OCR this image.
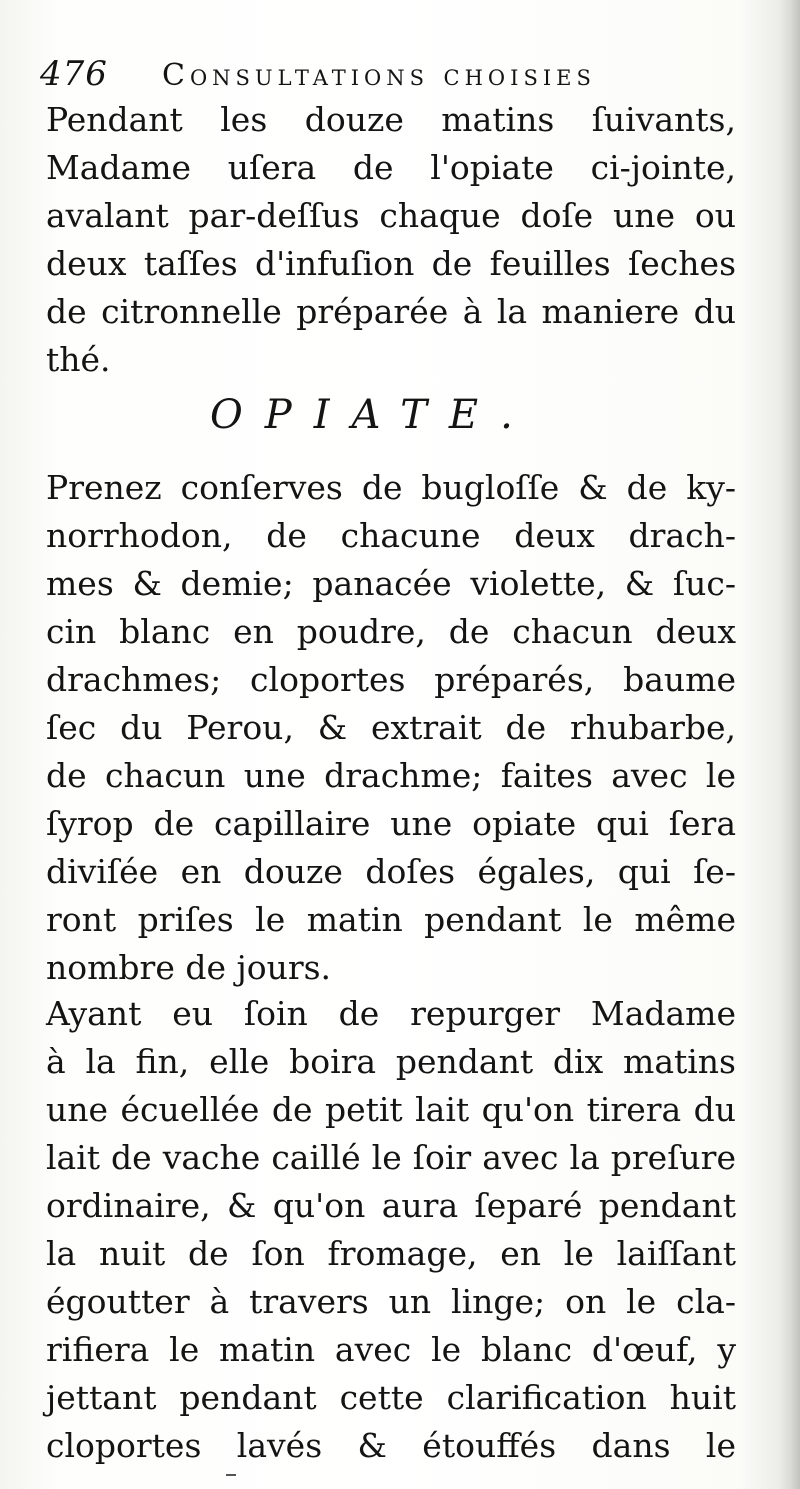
476 Consultations choisies
Pendant les douze matins ſuivants,
Madame uſera de l'opiate ci-jointe,
avalant par-deſſus chaque doſe une ou
deux taſſes d'infuſion de feuilles ſeches
de citronnelle préparée à la maniere du
thé.
OPIATE.
Prenez conſerves de bugloſſe & de ky-
norrhodon, de chacune deux drach-
mes & demie; panacée violette, & ſuc-
cin blanc en poudre, de chacun deux
drachmes; cloportes préparés, baume
ſec du Perou, & extrait de rhubarbe,
de chacun une drachme; faites avec le
ſyrop de capillaire une opiate qui ſera
diviſée en douze doſes égales, qui ſe-
ront priſes le matin pendant le même
nombre de jours.
Ayant eu ſoin de repurger Madame
à la fin, elle boira pendant dix matins
une écuellée de petit lait qu'on tirera du
lait de vache caillé le ſoir avec la preſure
ordinaire, & qu'on aura ſeparé pendant
la nuit de ſon fromage, en le laiſſant
égoutter à travers un linge; on le cla-
rifiera le matin avec le blanc d'œuf, y
jettant pendant cette clarification huit
cloportes lavés & étouffés dans le
